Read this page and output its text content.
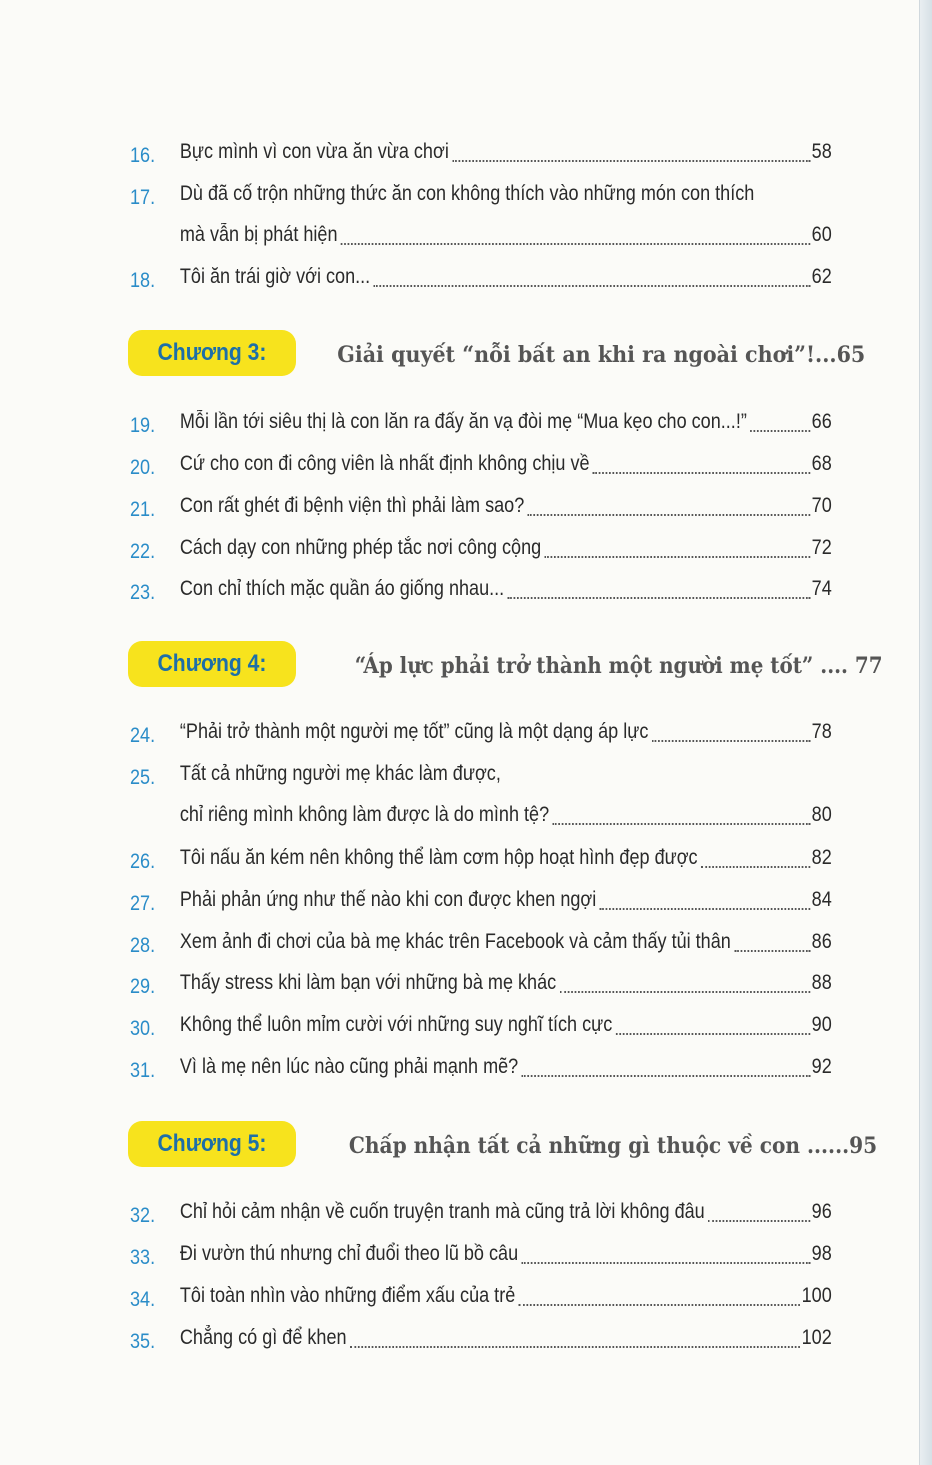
16.	Bực mình vì con vừa ăn vừa chơi	58
17.	Dù đã cố trộn những thức ăn con không thích vào những món con thích
mà vẫn bị phát hiện	60
18.	Tôi ăn trái giờ với con...	62
Chương 3:	Giải quyết “nỗi bất an khi ra ngoài chơi”!...65
19.	Mỗi lần tới siêu thị là con lăn ra đấy ăn vạ đòi mẹ “Mua kẹo cho con...!”	66
20.	Cứ cho con đi công viên là nhất định không chịu về	68
21.	Con rất ghét đi bệnh viện thì phải làm sao?	70
22.	Cách dạy con những phép tắc nơi công cộng	72
23.	Con chỉ thích mặc quần áo giống nhau...	74
Chương 4:	“Áp lực phải trở thành một người mẹ tốt” .... 77
24.	“Phải trở thành một người mẹ tốt” cũng là một dạng áp lực	78
25.	Tất cả những người mẹ khác làm được,
chỉ riêng mình không làm được là do mình tệ?	80
26.	Tôi nấu ăn kém nên không thể làm cơm hộp hoạt hình đẹp được	82
27.	Phải phản ứng như thế nào khi con được khen ngợi	84
28.	Xem ảnh đi chơi của bà mẹ khác trên Facebook và cảm thấy tủi thân	86
29.	Thấy stress khi làm bạn với những bà mẹ khác	88
30.	Không thể luôn mỉm cười với những suy nghĩ tích cực	90
31.	Vì là mẹ nên lúc nào cũng phải mạnh mẽ?	92
Chương 5:	Chấp nhận tất cả những gì thuộc về con ......95
32.	Chỉ hỏi cảm nhận về cuốn truyện tranh mà cũng trả lời không đâu	96
33.	Đi vườn thú nhưng chỉ đuổi theo lũ bồ câu	98
34.	Tôi toàn nhìn vào những điểm xấu của trẻ	100
35.	Chẳng có gì để khen	102
